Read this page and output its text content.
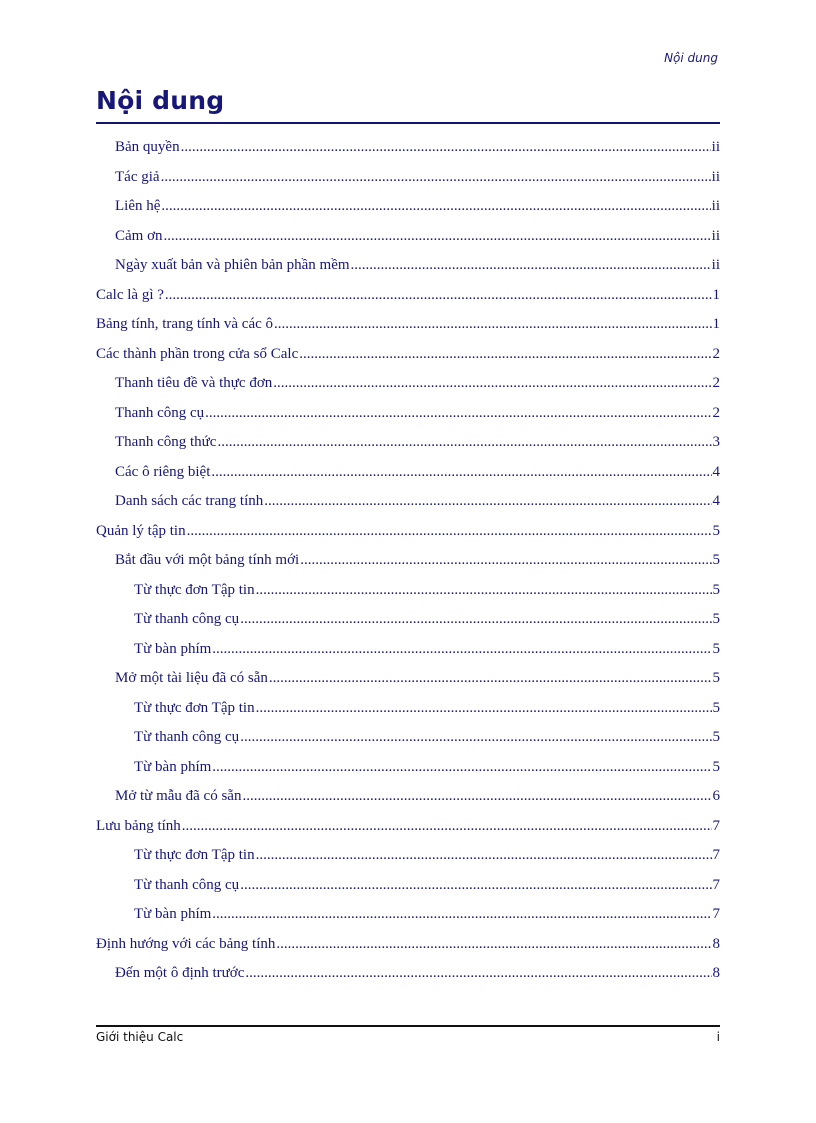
Nội dung
Nội dung
Bản quyền .....	ii
Tác giả .....	ii
Liên hệ .....	ii
Cảm ơn .....	ii
Ngày xuất bản và phiên bản phần mềm .....	ii
Calc là gì ? .....	1
Bảng tính, trang tính và các ô .....	1
Các thành phần trong cửa sổ Calc .....	2
Thanh tiêu đề và thực đơn .....	2
Thanh công cụ .....	2
Thanh công thức .....	3
Các ô riêng biệt .....	4
Danh sách các trang tính .....	4
Quản lý tập tin .....	5
Bắt đầu với một bảng tính mới .....	5
Từ thực đơn Tập tin .....	5
Từ thanh công cụ .....	5
Từ bàn phím .....	5
Mở một tài liệu đã có sẵn .....	5
Từ thực đơn Tập tin .....	5
Từ thanh công cụ .....	5
Từ bàn phím .....	5
Mở từ mẫu đã có sẵn .....	6
Lưu bảng tính .....	7
Từ thực đơn Tập tin .....	7
Từ thanh công cụ .....	7
Từ bàn phím .....	7
Định hướng với các bảng tính .....	8
Đến một ô định trước .....	8
Giới thiệu Calc	i
